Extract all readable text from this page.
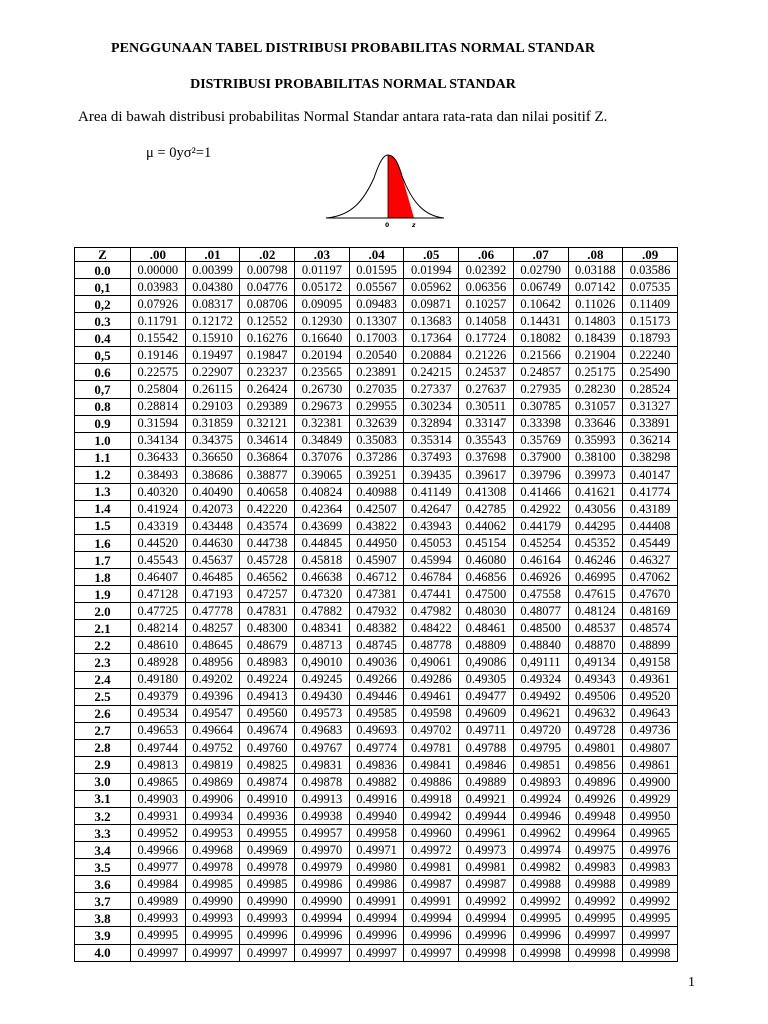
PENGGUNAAN TABEL DISTRIBUSI PROBABILITAS NORMAL STANDAR
DISTRIBUSI PROBABILITAS NORMAL STANDAR
Area di bawah distribusi probabilitas Normal Standar antara rata-rata dan nilai positif Z.
μ = 0yσ²=1
0	z
Z	.00	.01	.02	.03	.04	.05	.06	.07	.08	.09
0.0	0.00000	0.00399	0.00798	0.01197	0.01595	0.01994	0.02392	0.02790	0.03188	0.03586
0,1	0.03983	0.04380	0.04776	0.05172	0.05567	0.05962	0.06356	0.06749	0.07142	0.07535
0,2	0.07926	0.08317	0.08706	0.09095	0.09483	0.09871	0.10257	0.10642	0.11026	0.11409
0.3	0.11791	0.12172	0.12552	0.12930	0.13307	0.13683	0.14058	0.14431	0.14803	0.15173
0.4	0.15542	0.15910	0.16276	0.16640	0.17003	0.17364	0.17724	0.18082	0.18439	0.18793
0,5	0.19146	0.19497	0.19847	0.20194	0.20540	0.20884	0.21226	0.21566	0.21904	0.22240
0.6	0.22575	0.22907	0.23237	0.23565	0.23891	0.24215	0.24537	0.24857	0.25175	0.25490
0,7	0.25804	0.26115	0.26424	0.26730	0.27035	0.27337	0.27637	0.27935	0.28230	0.28524
0.8	0.28814	0.29103	0.29389	0.29673	0.29955	0.30234	0.30511	0.30785	0.31057	0.31327
0.9	0.31594	0.31859	0.32121	0.32381	0.32639	0.32894	0.33147	0.33398	0.33646	0.33891
1.0	0.34134	0.34375	0.34614	0.34849	0.35083	0.35314	0.35543	0.35769	0.35993	0.36214
1.1	0.36433	0.36650	0.36864	0.37076	0.37286	0.37493	0.37698	0.37900	0.38100	0.38298
1.2	0.38493	0.38686	0.38877	0.39065	0.39251	0.39435	0.39617	0.39796	0.39973	0.40147
1.3	0.40320	0.40490	0.40658	0.40824	0.40988	0.41149	0.41308	0.41466	0.41621	0.41774
1.4	0.41924	0.42073	0.42220	0.42364	0.42507	0.42647	0.42785	0.42922	0.43056	0.43189
1.5	0.43319	0.43448	0.43574	0.43699	0.43822	0.43943	0.44062	0.44179	0.44295	0.44408
1.6	0.44520	0.44630	0.44738	0.44845	0.44950	0.45053	0.45154	0.45254	0.45352	0.45449
1.7	0.45543	0.45637	0.45728	0.45818	0.45907	0.45994	0.46080	0.46164	0.46246	0.46327
1.8	0.46407	0.46485	0.46562	0.46638	0.46712	0.46784	0.46856	0.46926	0.46995	0.47062
1.9	0.47128	0.47193	0.47257	0.47320	0.47381	0.47441	0.47500	0.47558	0.47615	0.47670
2.0	0.47725	0.47778	0.47831	0.47882	0.47932	0.47982	0.48030	0.48077	0.48124	0.48169
2.1	0.48214	0.48257	0.48300	0.48341	0.48382	0.48422	0.48461	0.48500	0.48537	0.48574
2.2	0.48610	0.48645	0.48679	0.48713	0.48745	0.48778	0.48809	0.48840	0.48870	0.48899
2.3	0.48928	0.48956	0.48983	0,49010	0.49036	0,49061	0,49086	0,49111	0,49134	0,49158
2.4	0.49180	0.49202	0.49224	0.49245	0.49266	0.49286	0.49305	0.49324	0.49343	0.49361
2.5	0.49379	0.49396	0.49413	0.49430	0.49446	0.49461	0.49477	0.49492	0.49506	0.49520
2.6	0.49534	0.49547	0.49560	0.49573	0.49585	0.49598	0.49609	0.49621	0.49632	0.49643
2.7	0.49653	0.49664	0.49674	0.49683	0.49693	0.49702	0.49711	0.49720	0.49728	0.49736
2.8	0.49744	0.49752	0.49760	0.49767	0.49774	0.49781	0.49788	0.49795	0.49801	0.49807
2.9	0.49813	0.49819	0.49825	0.49831	0.49836	0.49841	0.49846	0.49851	0.49856	0.49861
3.0	0.49865	0.49869	0.49874	0.49878	0.49882	0.49886	0.49889	0.49893	0.49896	0.49900
3.1	0.49903	0.49906	0.49910	0.49913	0.49916	0.49918	0.49921	0.49924	0.49926	0.49929
3.2	0.49931	0.49934	0.49936	0.49938	0.49940	0.49942	0.49944	0.49946	0.49948	0.49950
3.3	0.49952	0.49953	0.49955	0.49957	0.49958	0.49960	0.49961	0.49962	0.49964	0.49965
3.4	0.49966	0.49968	0.49969	0.49970	0.49971	0.49972	0.49973	0.49974	0.49975	0.49976
3.5	0.49977	0.49978	0.49978	0.49979	0.49980	0.49981	0.49981	0.49982	0.49983	0.49983
3.6	0.49984	0.49985	0.49985	0.49986	0.49986	0.49987	0.49987	0.49988	0.49988	0.49989
3.7	0.49989	0.49990	0.49990	0.49990	0.49991	0.49991	0.49992	0.49992	0.49992	0.49992
3.8	0.49993	0.49993	0.49993	0.49994	0.49994	0.49994	0.49994	0.49995	0.49995	0.49995
3.9	0.49995	0.49995	0.49996	0.49996	0.49996	0.49996	0.49996	0.49996	0.49997	0.49997
4.0	0.49997	0.49997	0.49997	0.49997	0.49997	0.49997	0.49998	0.49998	0.49998	0.49998
1
